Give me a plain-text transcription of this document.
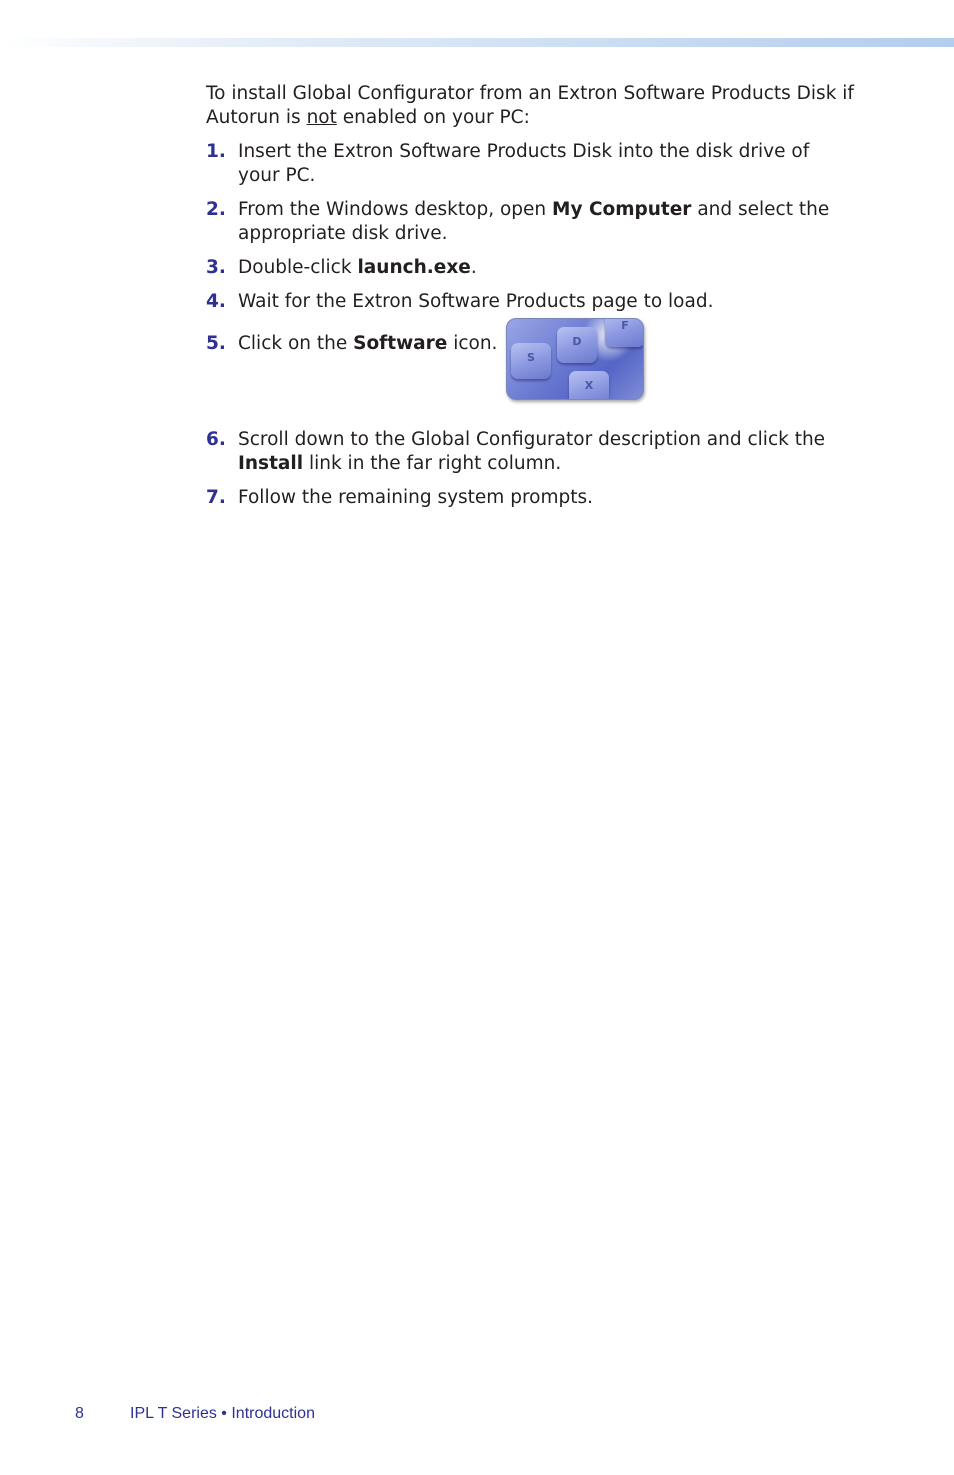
To install Global Configurator from an Extron Software Products Disk if Autorun is not enabled on your PC:

1. Insert the Extron Software Products Disk into the disk drive of your PC.
2. From the Windows desktop, open My Computer and select the appropriate disk drive.
3. Double-click launch.exe.
4. Wait for the Extron Software Products page to load.
5. Click on the Software icon.
S
D
F
X
6. Scroll down to the Global Configurator description and click the Install link in the far right column.
7. Follow the remaining system prompts.
8	IPL T Series • Introduction
